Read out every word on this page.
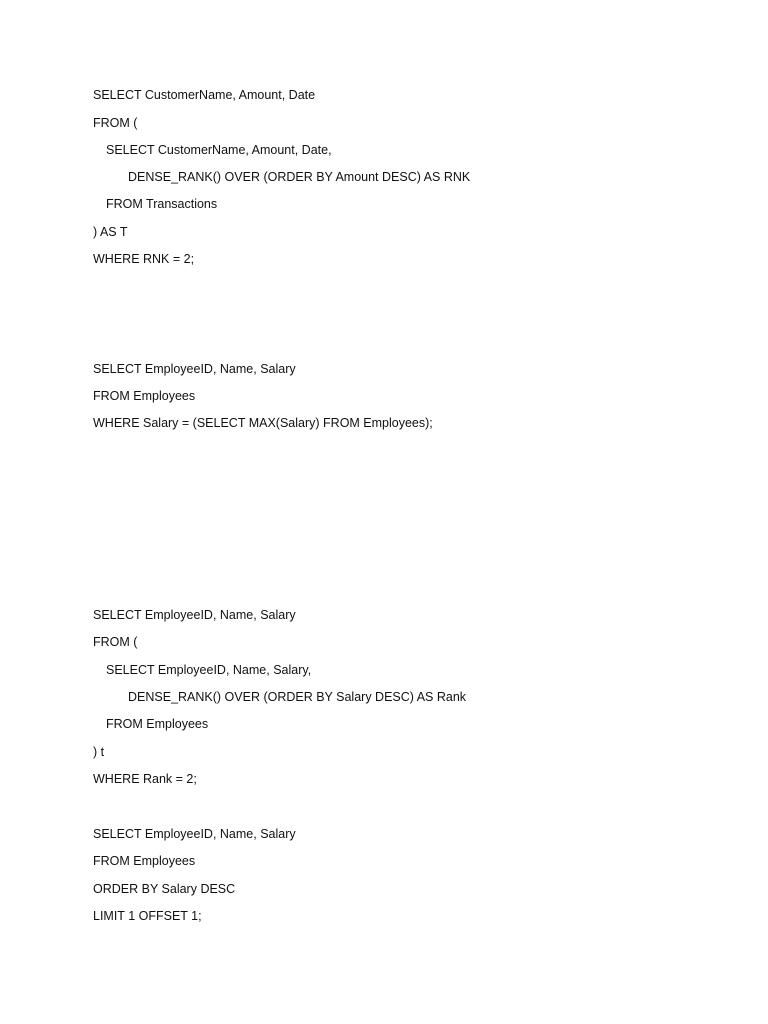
SELECT CustomerName, Amount, Date
FROM (
SELECT CustomerName, Amount, Date,
DENSE_RANK() OVER (ORDER BY Amount DESC) AS RNK
FROM Transactions
) AS T
WHERE RNK = 2;
SELECT EmployeeID, Name, Salary
FROM Employees
WHERE Salary = (SELECT MAX(Salary) FROM Employees);
SELECT EmployeeID, Name, Salary
FROM (
SELECT EmployeeID, Name, Salary,
DENSE_RANK() OVER (ORDER BY Salary DESC) AS Rank
FROM Employees
) t
WHERE Rank = 2;
SELECT EmployeeID, Name, Salary
FROM Employees
ORDER BY Salary DESC
LIMIT 1 OFFSET 1;
